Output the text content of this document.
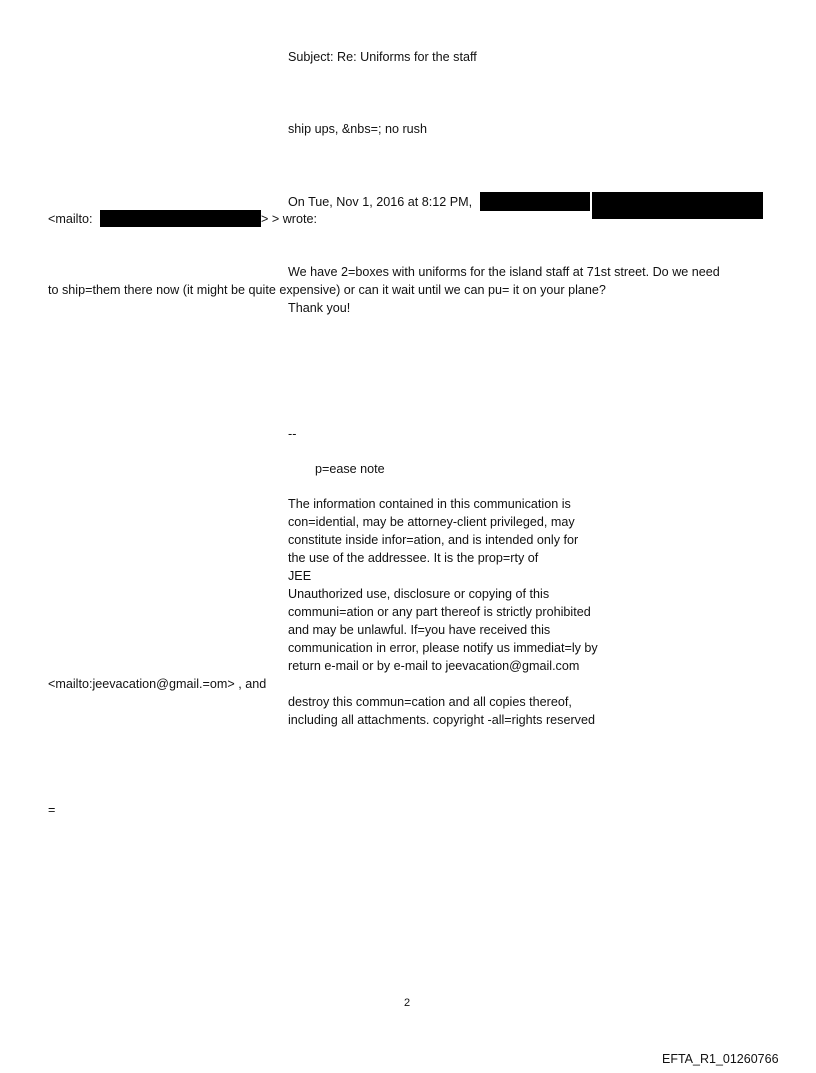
Subject: Re: Uniforms for the staff
ship ups, &nbs=; no rush
On Tue, Nov 1, 2016 at 8:12 PM,
<mailto:	> > wrote:
We have 2=boxes with uniforms for the island staff at 71st street. Do we need
to ship=them there now (it might be quite expensive) or can it wait until we can pu= it on your plane?
Thank you!
--
p=ease note
The information contained in this communication is
con=idential, may be attorney-client privileged, may
constitute inside infor=ation, and is intended only for
the use of the addressee. It is the prop=rty of
JEE
Unauthorized use, disclosure or copying of this
communi=ation or any part thereof is strictly prohibited
and may be unlawful. If=you have received this
communication in error, please notify us immediat=ly by
return e-mail or by e-mail to jeevacation@gmail.com
<mailto:jeevacation@gmail.=om> , and
destroy this commun=cation and all copies thereof,
including all attachments. copyright -all=rights reserved
=
2
EFTA_R1_01260766
